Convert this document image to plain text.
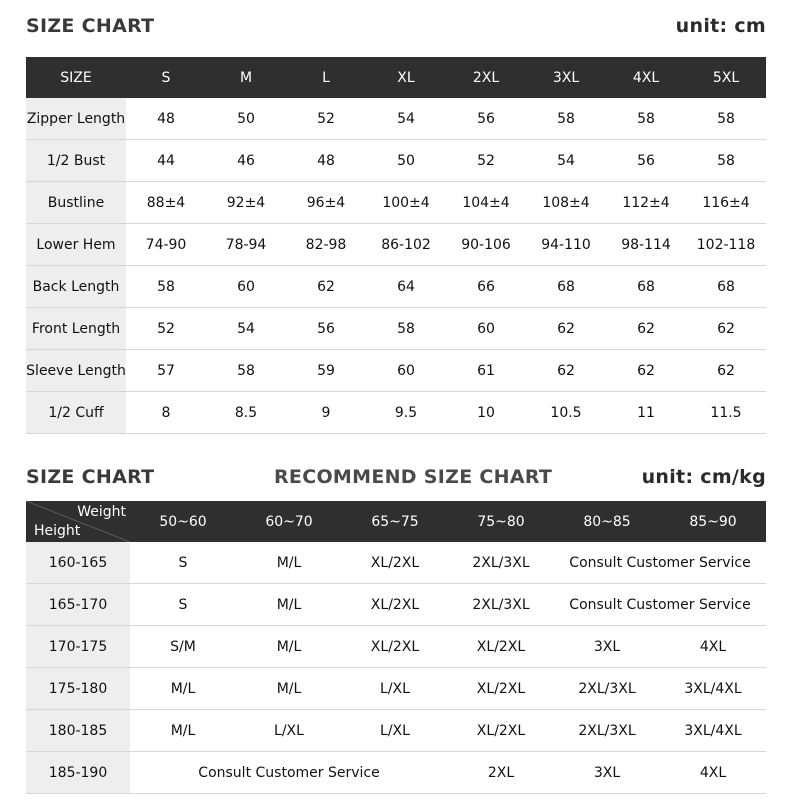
SIZE CHART	unit: cm
SIZE	S	M	L	XL	2XL	3XL	4XL	5XL
Zipper Length	48	50	52	54	56	58	58	58
1/2 Bust	44	46	48	50	52	54	56	58
Bustline	88±4	92±4	96±4	100±4	104±4	108±4	112±4	116±4
Lower Hem	74-90	78-94	82-98	86-102	90-106	94-110	98-114	102-118
Back Length	58	60	62	64	66	68	68	68
Front Length	52	54	56	58	60	62	62	62
Sleeve Length	57	58	59	60	61	62	62	62
1/2 Cuff	8	8.5	9	9.5	10	10.5	11	11.5
SIZE CHART	RECOMMEND SIZE CHART	unit: cm/kg
Weight
Height	50~60	60~70	65~75	75~80	80~85	85~90
160-165	S	M/L	XL/2XL	2XL/3XL	Consult Customer Service	
165-170	S	M/L	XL/2XL	2XL/3XL	Consult Customer Service	
170-175	S/M	M/L	XL/2XL	XL/2XL	3XL	4XL
175-180	M/L	M/L	L/XL	XL/2XL	2XL/3XL	3XL/4XL
180-185	M/L	L/XL	L/XL	XL/2XL	2XL/3XL	3XL/4XL
185-190	Consult Customer Service			2XL	3XL	4XL
